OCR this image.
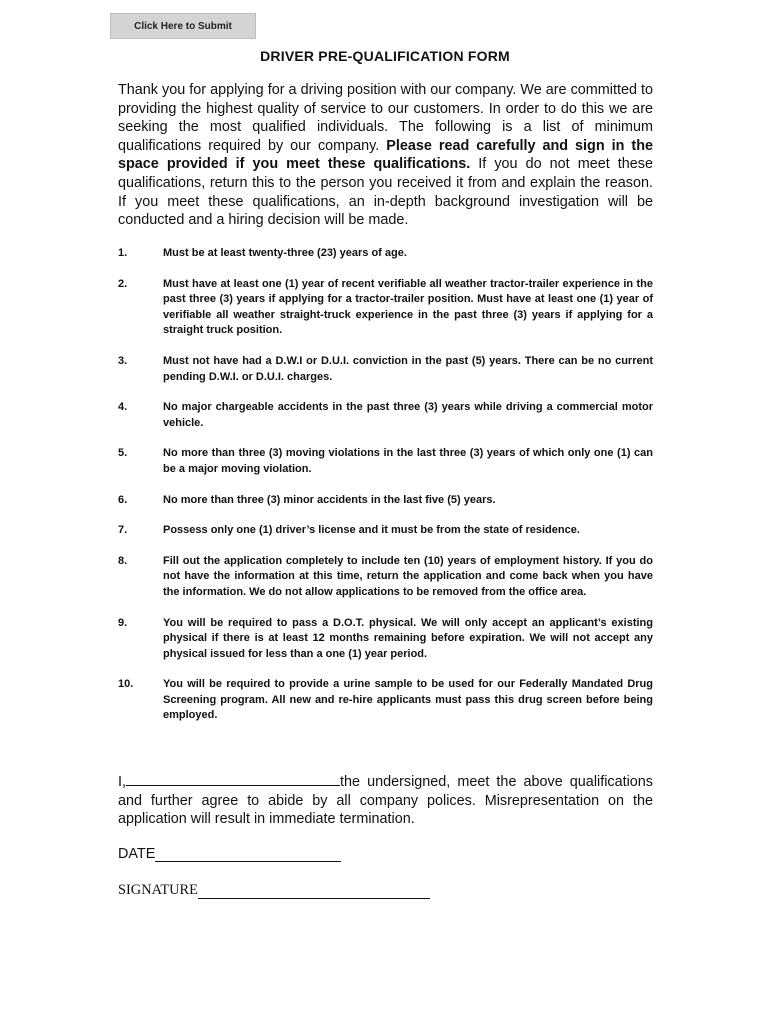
Click Here to Submit
DRIVER PRE-QUALIFICATION FORM

Thank you for applying for a driving position with our company. We are committed to providing the highest quality of service to our customers. In order to do this we are seeking the most qualified individuals. The following is a list of minimum qualifications required by our company. Please read carefully and sign in the space provided if you meet these qualifications. If you do not meet these qualifications, return this to the person you received it from and explain the reason. If you meet these qualifications, an in-depth background investigation will be conducted and a hiring decision will be made.

1.	Must be at least twenty-three (23) years of age.
2.	Must have at least one (1) year of recent verifiable all weather tractor-trailer experience in the past three (3) years if applying for a tractor-trailer position. Must have at least one (1) year of verifiable all weather straight-truck experience in the past three (3) years if applying for a straight truck position.
3.	Must not have had a D.W.I or D.U.I. conviction in the past (5) years. There can be no current pending D.W.I. or D.U.I. charges.
4.	No major chargeable accidents in the past three (3) years while driving a commercial motor vehicle.
5.	No more than three (3) moving violations in the last three (3) years of which only one (1) can be a major moving violation.
6.	No more than three (3) minor accidents in the last five (5) years.
7.	Possess only one (1) driver’s license and it must be from the state of residence.
8.	Fill out the application completely to include ten (10) years of employment history. If you do not have the information at this time, return the application and come back when you have the information. We do not allow applications to be removed from the office area.
9.	You will be required to pass a D.O.T. physical. We will only accept an applicant’s existing physical if there is at least 12 months remaining before expiration. We will not accept any physical issued for less than a one (1) year period.
10.	You will be required to provide a urine sample to be used for our Federally Mandated Drug Screening program. All new and re-hire applicants must pass this drug screen before being employed.

I,	the undersigned, meet the above qualifications and further agree to abide by all company polices. Misrepresentation on the application will result in immediate termination.

DATE
SIGNATURE
